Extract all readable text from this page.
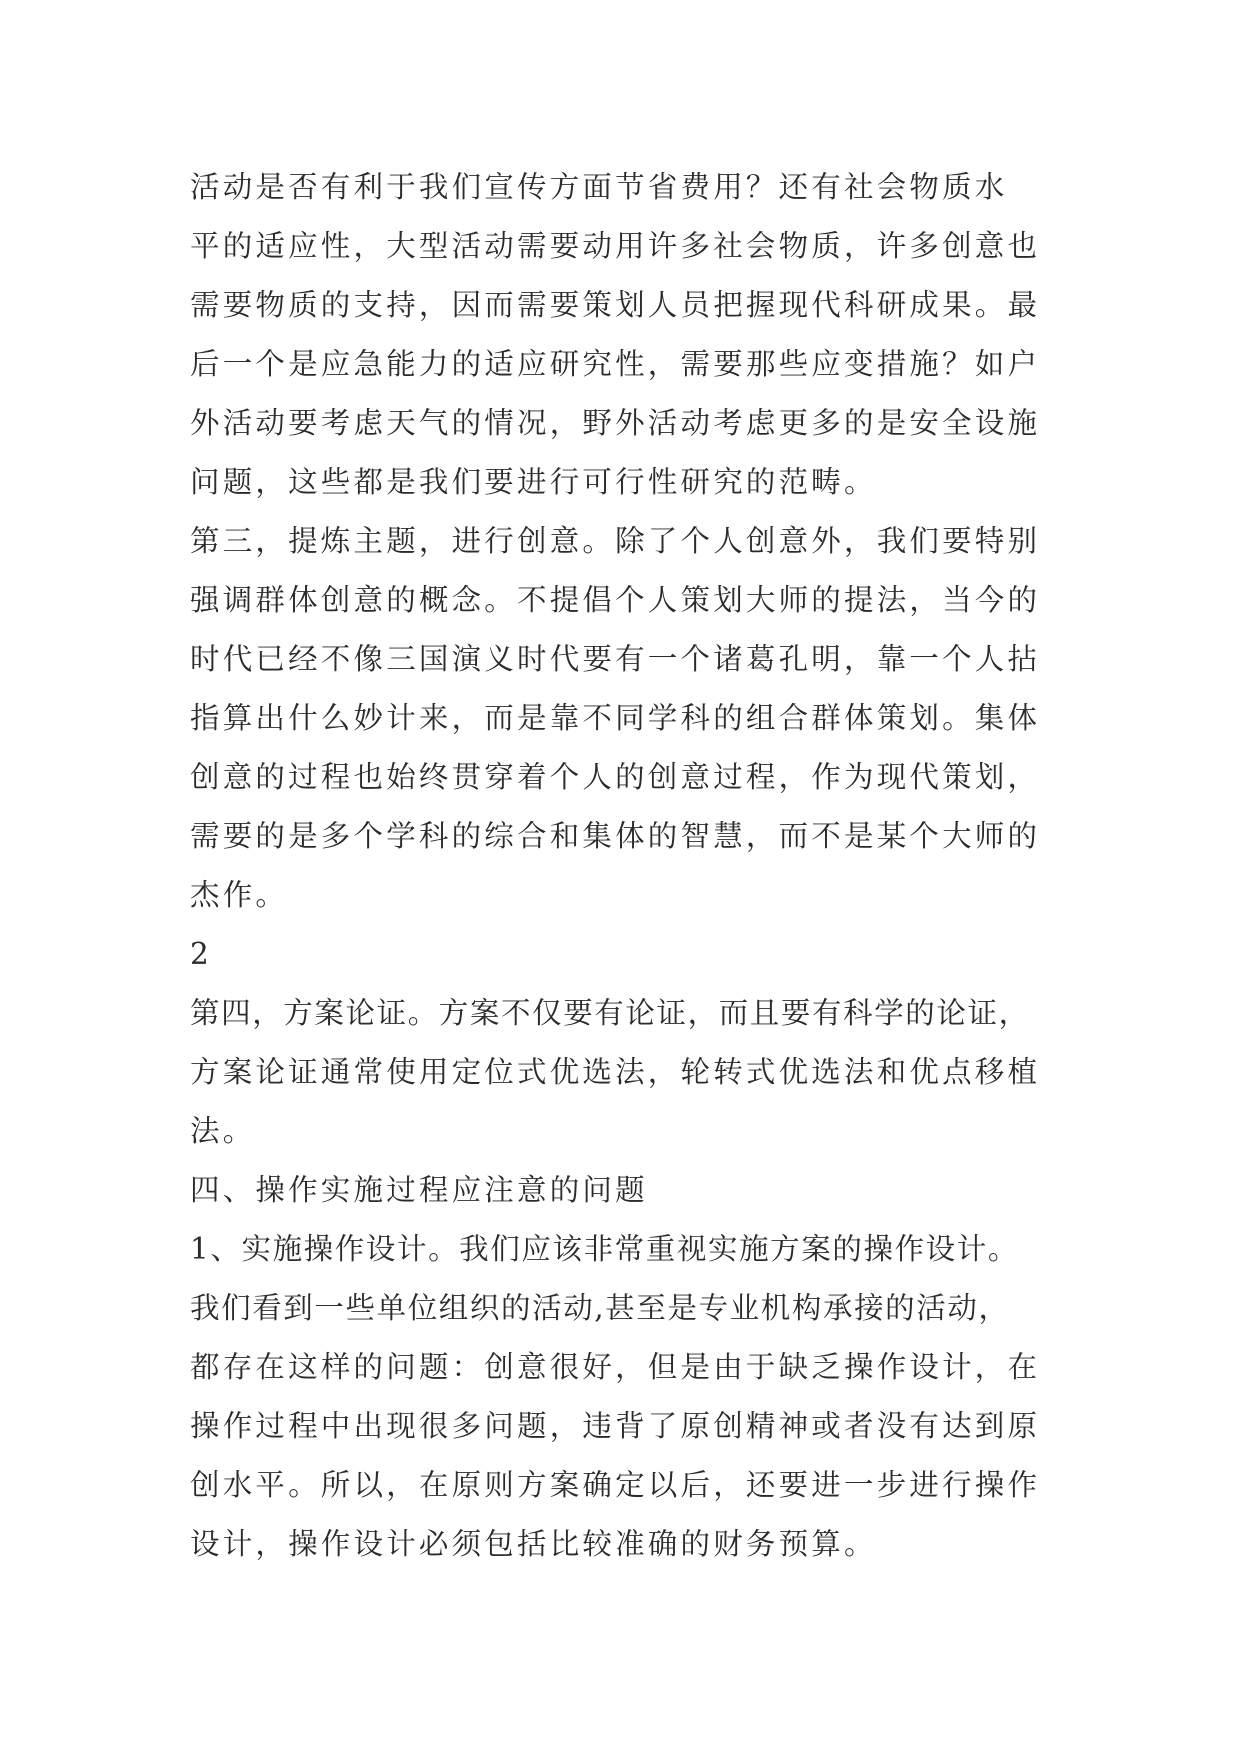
活动是否有利于我们宣传方面节省费用？还有社会物质水
平的适应性，大型活动需要动用许多社会物质，许多创意也
需要物质的支持，因而需要策划人员把握现代科研成果。最
后一个是应急能力的适应研究性，需要那些应变措施？如户
外活动要考虑天气的情况，野外活动考虑更多的是安全设施
问题，这些都是我们要进行可行性研究的范畴。
第三，提炼主题，进行创意。除了个人创意外，我们要特别
强调群体创意的概念。不提倡个人策划大师的提法，当今的
时代已经不像三国演义时代要有一个诸葛孔明，靠一个人拈
指算出什么妙计来，而是靠不同学科的组合群体策划。集体
创意的过程也始终贯穿着个人的创意过程，作为现代策划，
需要的是多个学科的综合和集体的智慧，而不是某个大师的
杰作。
2
第四，方案论证。方案不仅要有论证，而且要有科学的论证，
方案论证通常使用定位式优选法，轮转式优选法和优点移植
法。
四、操作实施过程应注意的问题
1、实施操作设计。我们应该非常重视实施方案的操作设计。
我们看到一些单位组织的活动,甚至是专业机构承接的活动，
都存在这样的问题：创意很好，但是由于缺乏操作设计，在
操作过程中出现很多问题，违背了原创精神或者没有达到原
创水平。所以，在原则方案确定以后，还要进一步进行操作
设计，操作设计必须包括比较准确的财务预算。
